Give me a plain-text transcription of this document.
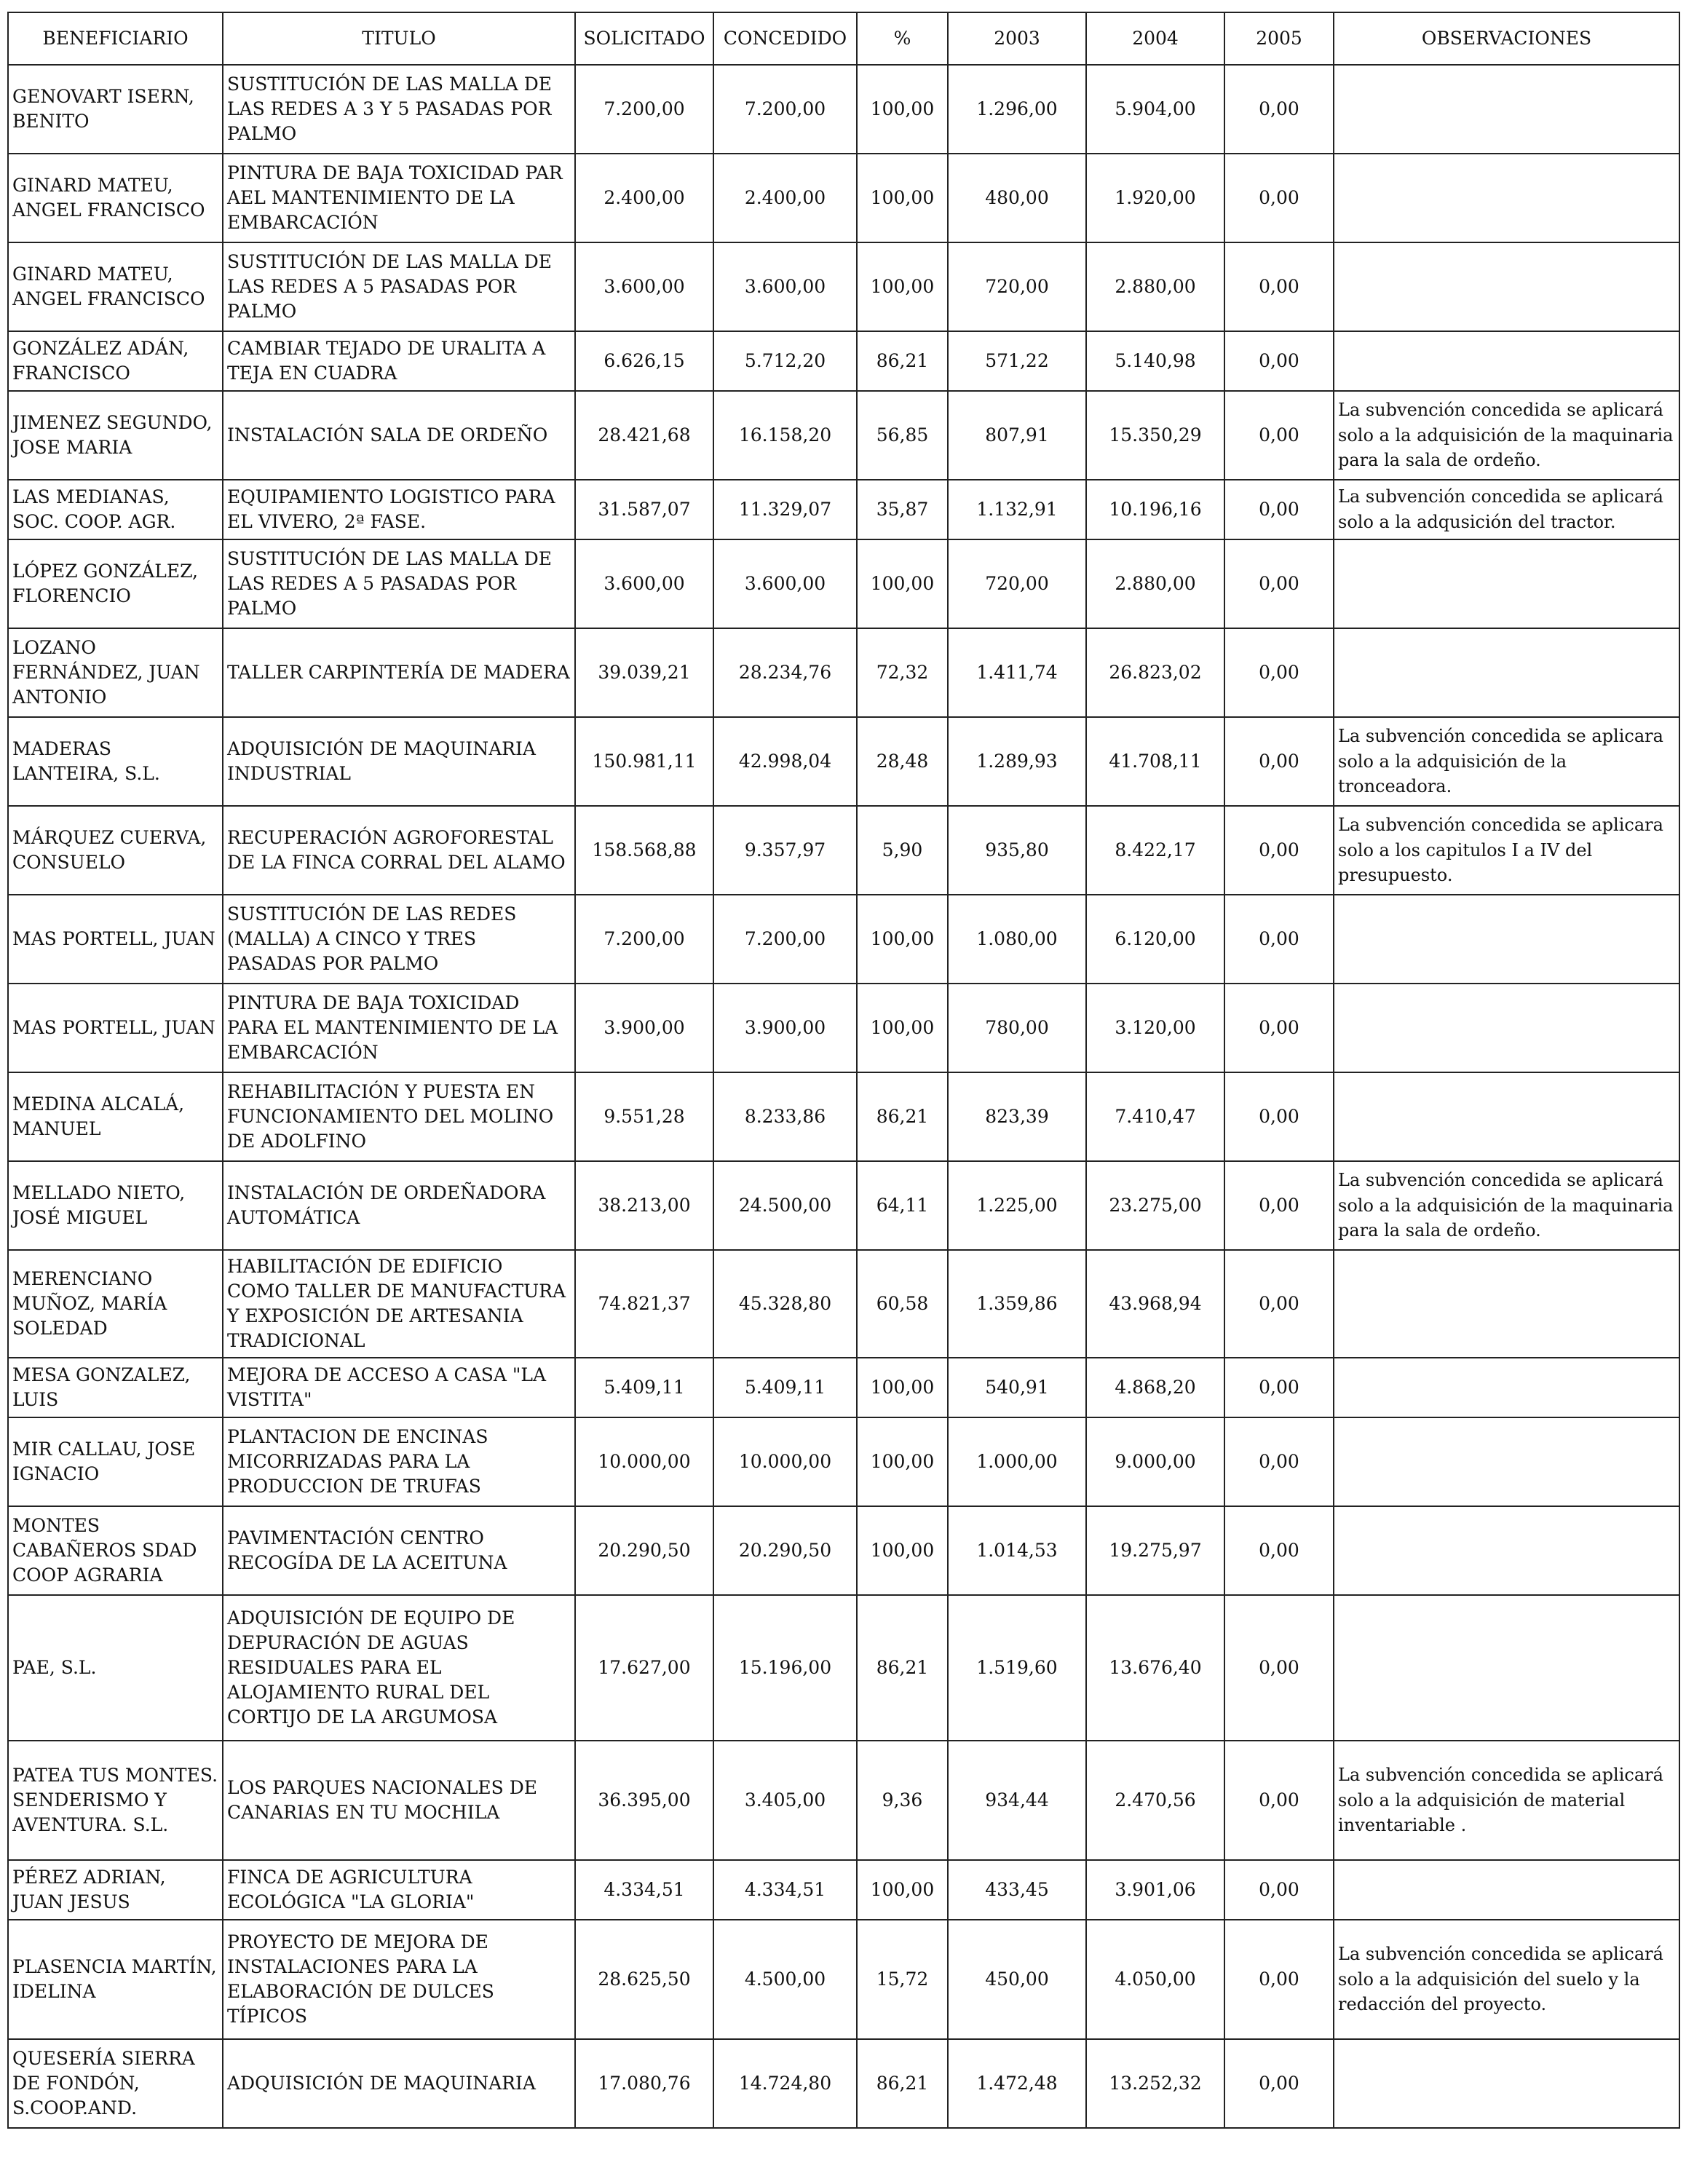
BENEFICIARIO	TITULO	SOLICITADO	CONCEDIDO	%	2003	2004	2005	OBSERVACIONES
GENOVART ISERN, BENITO	SUSTITUCIÓN DE LAS MALLA DE LAS REDES A 3 Y 5 PASADAS POR PALMO	7.200,00	7.200,00	100,00	1.296,00	5.904,00	0,00	
GINARD MATEU, ANGEL FRANCISCO	PINTURA DE BAJA TOXICIDAD PAR AEL MANTENIMIENTO DE LA EMBARCACIÓN	2.400,00	2.400,00	100,00	480,00	1.920,00	0,00	
GINARD MATEU, ANGEL FRANCISCO	SUSTITUCIÓN DE LAS MALLA DE LAS REDES A 5 PASADAS POR PALMO	3.600,00	3.600,00	100,00	720,00	2.880,00	0,00	
GONZÁLEZ ADÁN, FRANCISCO	CAMBIAR TEJADO DE URALITA A TEJA EN CUADRA	6.626,15	5.712,20	86,21	571,22	5.140,98	0,00	
JIMENEZ SEGUNDO, JOSE MARIA	INSTALACIÓN SALA DE ORDEÑO	28.421,68	16.158,20	56,85	807,91	15.350,29	0,00	La subvención concedida se aplicará solo a la adquisición de la maquinaria para la sala de ordeño.
LAS MEDIANAS, SOC. COOP. AGR.	EQUIPAMIENTO LOGISTICO PARA EL VIVERO, 2ª FASE.	31.587,07	11.329,07	35,87	1.132,91	10.196,16	0,00	La subvención concedida se aplicará solo a la adqusición del tractor.
LÓPEZ GONZÁLEZ, FLORENCIO	SUSTITUCIÓN DE LAS MALLA DE LAS REDES A 5 PASADAS POR PALMO	3.600,00	3.600,00	100,00	720,00	2.880,00	0,00	
LOZANO FERNÁNDEZ, JUAN ANTONIO	TALLER CARPINTERÍA DE MADERA	39.039,21	28.234,76	72,32	1.411,74	26.823,02	0,00	
MADERAS LANTEIRA, S.L.	ADQUISICIÓN DE MAQUINARIA INDUSTRIAL	150.981,11	42.998,04	28,48	1.289,93	41.708,11	0,00	La subvención concedida se aplicara solo a la adquisición de la tronceadora.
MÁRQUEZ CUERVA, CONSUELO	RECUPERACIÓN AGROFORESTAL DE LA FINCA CORRAL DEL ALAMO	158.568,88	9.357,97	5,90	935,80	8.422,17	0,00	La subvención concedida se aplicara solo a los capitulos I a IV del presupuesto.
MAS PORTELL, JUAN	SUSTITUCIÓN DE LAS REDES (MALLA) A CINCO Y TRES PASADAS POR PALMO	7.200,00	7.200,00	100,00	1.080,00	6.120,00	0,00	
MAS PORTELL, JUAN	PINTURA DE BAJA TOXICIDAD PARA EL MANTENIMIENTO DE LA EMBARCACIÓN	3.900,00	3.900,00	100,00	780,00	3.120,00	0,00	
MEDINA ALCALÁ, MANUEL	REHABILITACIÓN Y PUESTA EN FUNCIONAMIENTO DEL MOLINO DE ADOLFINO	9.551,28	8.233,86	86,21	823,39	7.410,47	0,00	
MELLADO NIETO, JOSÉ MIGUEL	INSTALACIÓN DE ORDEÑADORA AUTOMÁTICA	38.213,00	24.500,00	64,11	1.225,00	23.275,00	0,00	La subvención concedida se aplicará solo a la adquisición de la maquinaria para la sala de ordeño.
MERENCIANO MUÑOZ, MARÍA SOLEDAD	HABILITACIÓN DE EDIFICIO COMO TALLER DE MANUFACTURA Y EXPOSICIÓN DE ARTESANIA TRADICIONAL	74.821,37	45.328,80	60,58	1.359,86	43.968,94	0,00	
MESA GONZALEZ, LUIS	MEJORA DE ACCESO A CASA "LA VISTITA"	5.409,11	5.409,11	100,00	540,91	4.868,20	0,00	
MIR CALLAU, JOSE IGNACIO	PLANTACION DE ENCINAS MICORRIZADAS PARA LA PRODUCCION DE TRUFAS	10.000,00	10.000,00	100,00	1.000,00	9.000,00	0,00	
MONTES CABAÑEROS SDAD COOP AGRARIA	PAVIMENTACIÓN CENTRO RECOGÍDA DE LA ACEITUNA	20.290,50	20.290,50	100,00	1.014,53	19.275,97	0,00	
PAE, S.L.	ADQUISICIÓN DE EQUIPO DE DEPURACIÓN DE AGUAS RESIDUALES PARA EL ALOJAMIENTO RURAL DEL CORTIJO DE LA ARGUMOSA	17.627,00	15.196,00	86,21	1.519,60	13.676,40	0,00	
PATEA TUS MONTES. SENDERISMO Y AVENTURA. S.L.	LOS PARQUES NACIONALES DE CANARIAS EN TU MOCHILA	36.395,00	3.405,00	9,36	934,44	2.470,56	0,00	La subvención concedida se aplicará solo a la adquisición de material inventariable .
PÉREZ ADRIAN, JUAN JESUS	FINCA DE AGRICULTURA ECOLÓGICA "LA GLORIA"	4.334,51	4.334,51	100,00	433,45	3.901,06	0,00	
PLASENCIA MARTÍN, IDELINA	PROYECTO DE MEJORA DE INSTALACIONES PARA LA ELABORACIÓN DE DULCES TÍPICOS	28.625,50	4.500,00	15,72	450,00	4.050,00	0,00	La subvención concedida se aplicará solo a la adquisición del suelo y la redacción del proyecto.
QUESERÍA SIERRA DE FONDÓN, S.COOP.AND.	ADQUISICIÓN DE MAQUINARIA	17.080,76	14.724,80	86,21	1.472,48	13.252,32	0,00	
